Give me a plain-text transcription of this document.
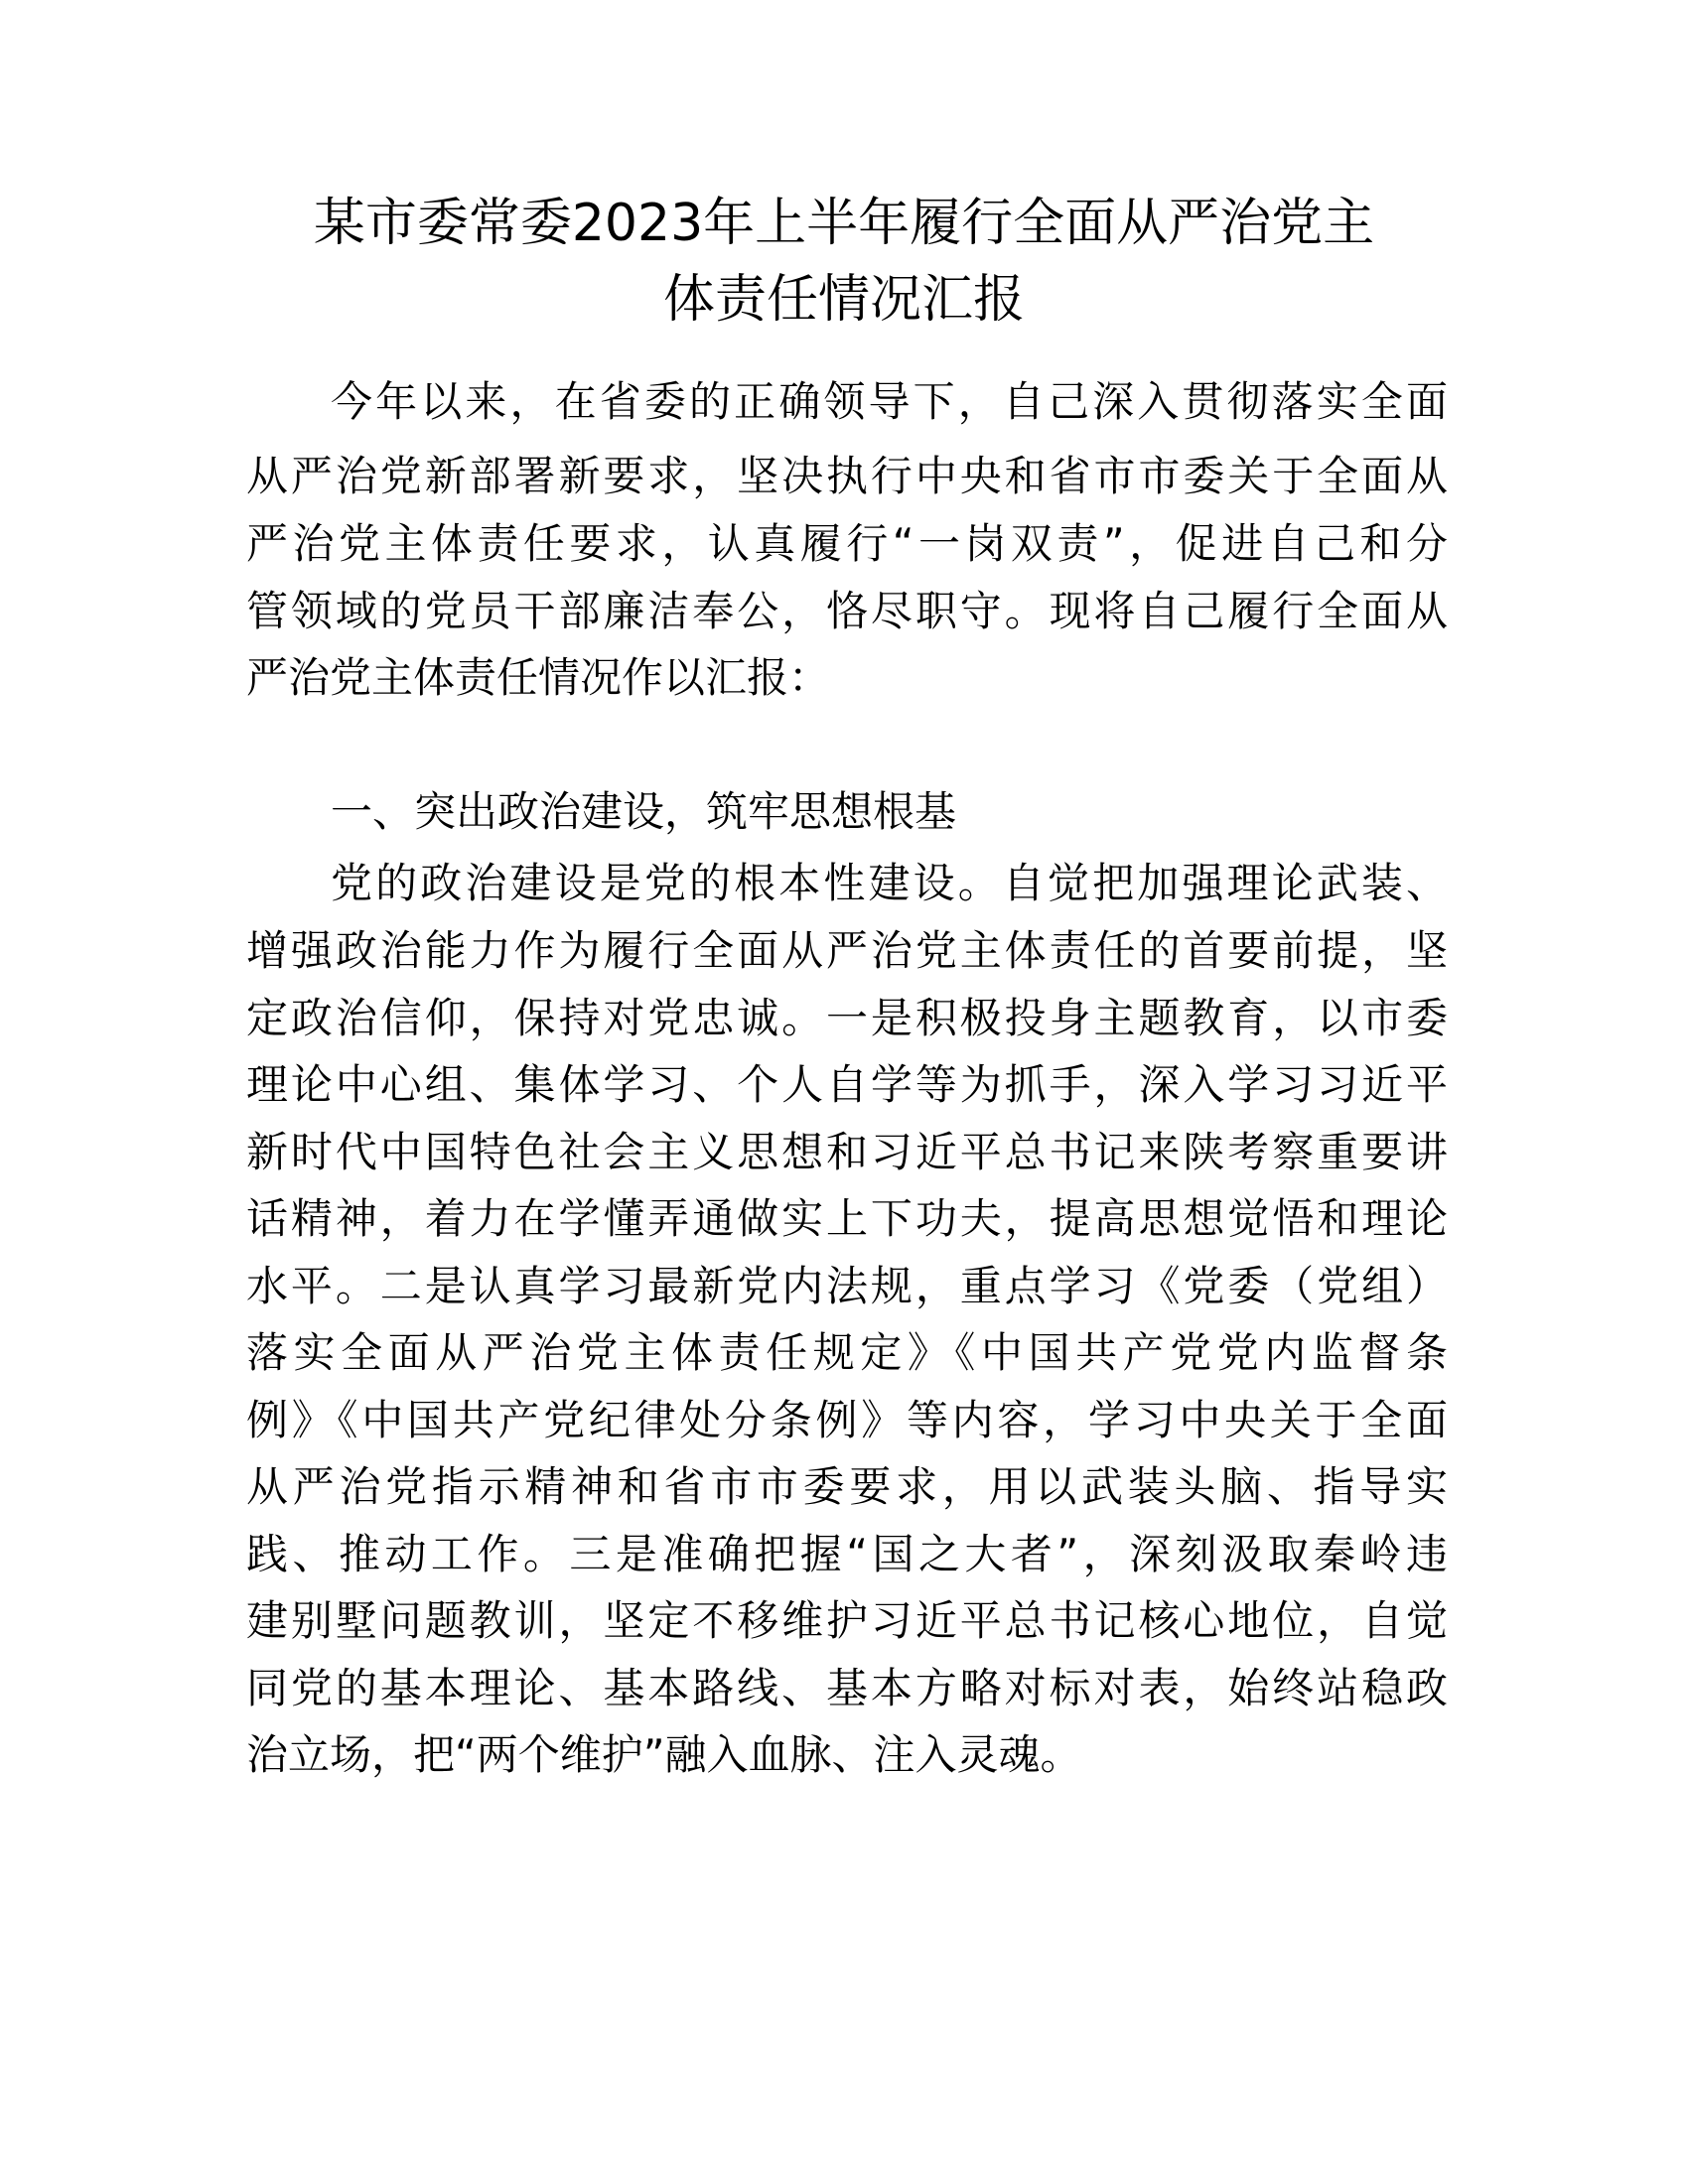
某市委常委2023年上半年履行全面从严治党主
体责任情况汇报
今年以来，在省委的正确领导下，自己深入贯彻落实全面
从严治党新部署新要求，坚决执行中央和省市市委关于全面从
严治党主体责任要求，认真履行“一岗双责”，促进自己和分
管领域的党员干部廉洁奉公，恪尽职守。现将自己履行全面从
严治党主体责任情况作以汇报：
一、突出政治建设，筑牢思想根基
党的政治建设是党的根本性建设。自觉把加强理论武装、
增强政治能力作为履行全面从严治党主体责任的首要前提，坚
定政治信仰，保持对党忠诚。一是积极投身主题教育，以市委
理论中心组、集体学习、个人自学等为抓手，深入学习习近平
新时代中国特色社会主义思想和习近平总书记来陕考察重要讲
话精神，着力在学懂弄通做实上下功夫，提高思想觉悟和理论
水平。二是认真学习最新党内法规，重点学习《党委（党组）
落实全面从严治党主体责任规定》《中国共产党党内监督条
例》《中国共产党纪律处分条例》等内容，学习中央关于全面
从严治党指示精神和省市市委要求，用以武装头脑、指导实
践、推动工作。三是准确把握“国之大者”，深刻汲取秦岭违
建别墅问题教训，坚定不移维护习近平总书记核心地位，自觉
同党的基本理论、基本路线、基本方略对标对表，始终站稳政
治立场，把“两个维护”融入血脉、注入灵魂。
